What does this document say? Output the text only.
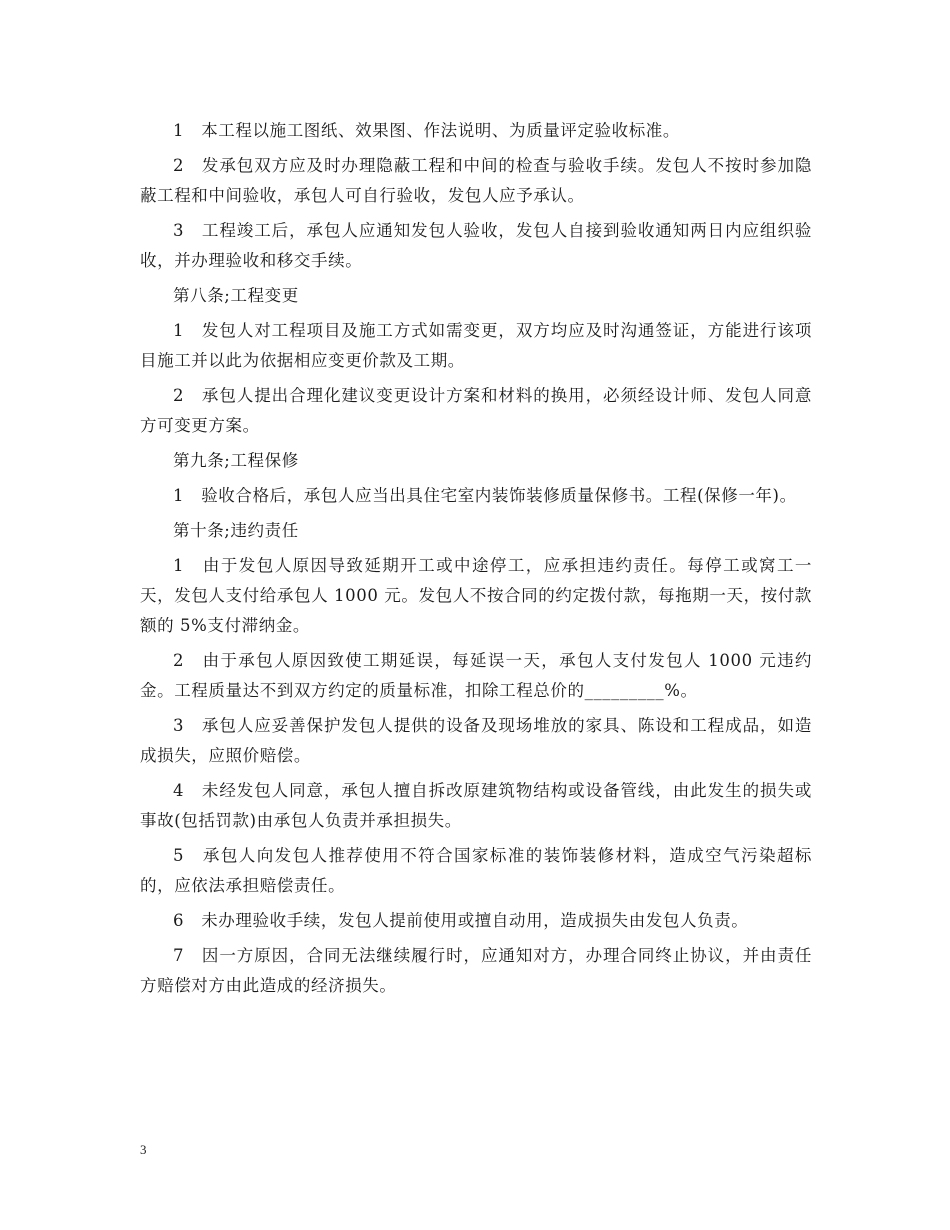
1　本工程以施工图纸、效果图、作法说明、为质量评定验收标准。

2　发承包双方应及时办理隐蔽工程和中间的检查与验收手续。发包人不按时参加隐蔽工程和中间验收，承包人可自行验收，发包人应予承认。

3　工程竣工后，承包人应通知发包人验收，发包人自接到验收通知两日内应组织验收，并办理验收和移交手续。

第八条;工程变更

1　发包人对工程项目及施工方式如需变更，双方均应及时沟通签证，方能进行该项目施工并以此为依据相应变更价款及工期。

2　承包人提出合理化建议变更设计方案和材料的换用，必须经设计师、发包人同意方可变更方案。

第九条;工程保修

1　验收合格后，承包人应当出具住宅室内装饰装修质量保修书。工程(保修一年)。

第十条;违约责任

1　由于发包人原因导致延期开工或中途停工，应承担违约责任。每停工或窝工一天，发包人支付给承包人 1000 元。发包人不按合同的约定拨付款，每拖期一天，按付款额的 5%支付滞纳金。

2　由于承包人原因致使工期延误，每延误一天，承包人支付发包人 1000 元违约金。工程质量达不到双方约定的质量标准，扣除工程总价的_________%。

3　承包人应妥善保护发包人提供的设备及现场堆放的家具、陈设和工程成品，如造成损失，应照价赔偿。

4　未经发包人同意，承包人擅自拆改原建筑物结构或设备管线，由此发生的损失或事故(包括罚款)由承包人负责并承担损失。

5　承包人向发包人推荐使用不符合国家标准的装饰装修材料，造成空气污染超标的，应依法承担赔偿责任。

6　未办理验收手续，发包人提前使用或擅自动用，造成损失由发包人负责。

7　因一方原因，合同无法继续履行时，应通知对方，办理合同终止协议，并由责任方赔偿对方由此造成的经济损失。

3
